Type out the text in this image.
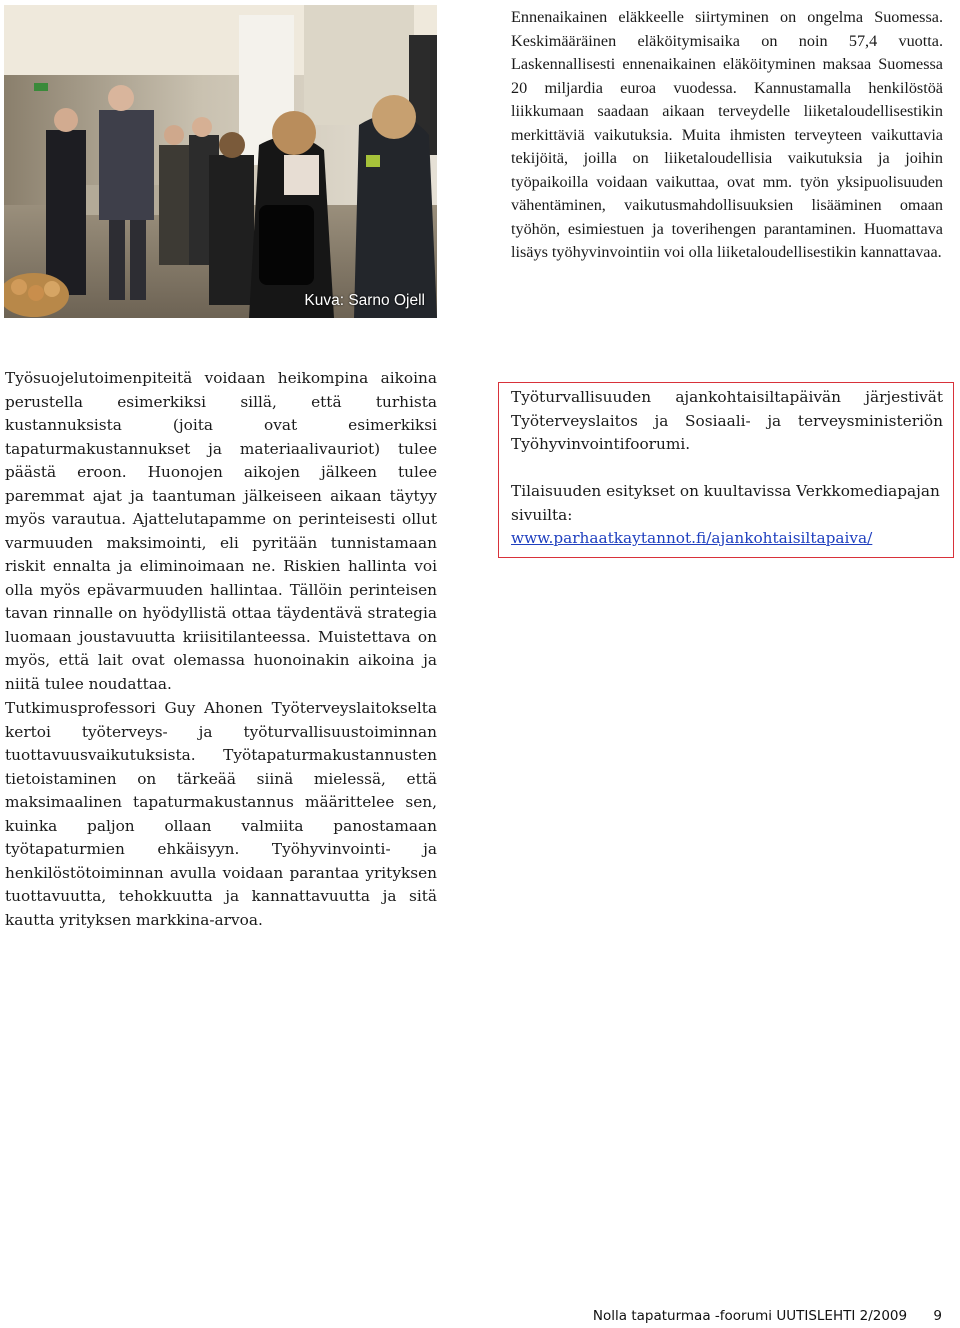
Kuva: Sarno Ojell

Ennenaikainen eläkkeelle siirtyminen on ongelma Suomessa. Keskimääräinen eläköitymisaika on noin 57,4 vuotta. Laskennallisesti ennenaikainen eläköityminen maksaa Suomessa 20 miljardia euroa vuodessa. Kannustamalla henkilöstöä liikkumaan saadaan aikaan terveydelle liiketaloudellisestikin merkittäviä vaikutuksia. Muita ihmisten terveyteen vaikuttavia tekijöitä, joilla on liiketaloudellisia vaikutuksia ja joihin työpaikoilla voidaan vaikuttaa, ovat mm. työn yksipuolisuuden vähentäminen, vaikutusmahdollisuuksien lisääminen omaan työhön, esimiestuen ja toverihengen parantaminen. Huomattava lisäys työhyvinvointiin voi olla liiketaloudellisestikin kannattavaa.

Työsuojelutoimenpiteitä voidaan heikompina aikoina perustella esimerkiksi sillä, että turhista kustannuksista (joita ovat esimerkiksi tapaturmakustannukset ja materiaalivauriot) tulee päästä eroon. Huonojen aikojen jälkeen tulee paremmat ajat ja taantuman jälkeiseen aikaan täytyy myös varautua. Ajattelutapamme on perinteisesti ollut varmuuden maksimointi, eli pyritään tunnistamaan riskit ennalta ja eliminoimaan ne. Riskien hallinta voi olla myös epävarmuuden hallintaa. Tällöin perinteisen tavan rinnalle on hyödyllistä ottaa täydentävä strategia luomaan joustavuutta kriisitilanteessa. Muistettava on myös, että lait ovat olemassa huonoinakin aikoina ja niitä tulee noudattaa.

Tutkimusprofessori Guy Ahonen Työterveyslaitokselta kertoi työterveys- ja työturvallisuustoiminnan tuottavuusvaikutuksista. Työtapaturmakustannusten tietoistaminen on tärkeää siinä mielessä, että maksimaalinen tapaturmakustannus määrittelee sen, kuinka paljon ollaan valmiita panostamaan työtapaturmien ehkäisyyn. Työhyvinvointi- ja henkilöstötoiminnan avulla voidaan parantaa yrityksen tuottavuutta, tehokkuutta ja kannattavuutta ja sitä kautta yrityksen markkina-arvoa.

Työturvallisuuden ajankohtaisiltapäivän järjestivät Työterveyslaitos ja Sosiaali- ja terveysministeriön Työhyvinvointifoorumi.

Tilaisuuden esitykset on kuultavissa Verkkomediapajan sivuilta:
www.parhaatkaytannot.fi/ajankohtaisiltapaiva/

Nolla tapaturmaa -foorumi UUTISLEHTI 2/2009 9
